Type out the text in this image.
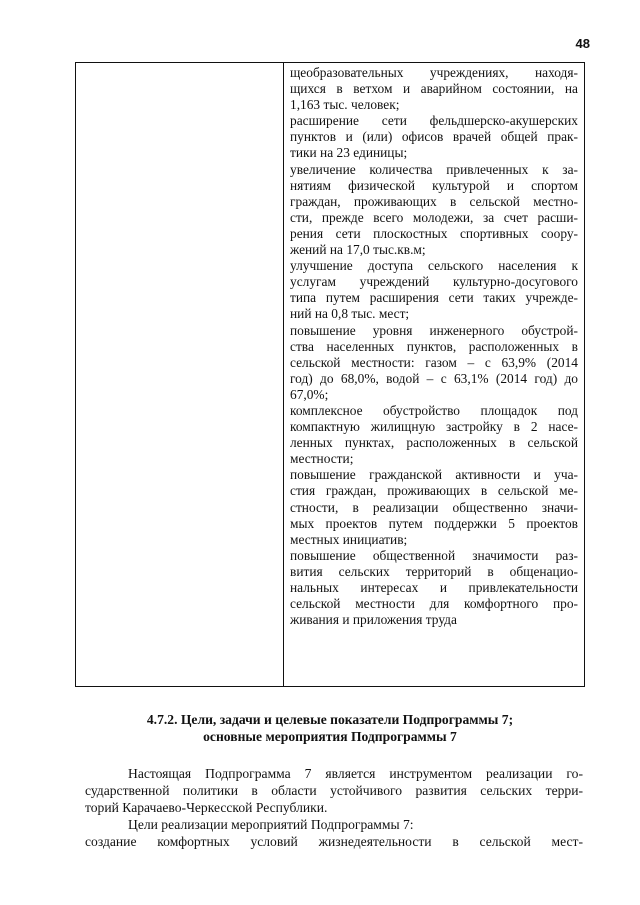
48
щеобразовательных учреждениях, находя-
щихся в ветхом и аварийном состоянии, на
1,163 тыс. человек;
расширение сети фельдшерско-акушерских
пунктов и (или) офисов врачей общей прак-
тики на 23 единицы;
увеличение количества привлеченных к за-
нятиям физической культурой и спортом
граждан, проживающих в сельской местно-
сти, прежде всего молодежи, за счет расши-
рения сети плоскостных спортивных соору-
жений на 17,0 тыс.кв.м;
улучшение доступа сельского населения к
услугам учреждений культурно-досугового
типа путем расширения сети таких учрежде-
ний на 0,8 тыс. мест;
повышение уровня инженерного обустрой-
ства населенных пунктов, расположенных в
сельской местности: газом – с 63,9% (2014
год) до 68,0%, водой – с 63,1% (2014 год) до
67,0%;
комплексное обустройство площадок под
компактную жилищную застройку в 2 насе-
ленных пунктах, расположенных в сельской
местности;
повышение гражданской активности и уча-
стия граждан, проживающих в сельской ме-
стности, в реализации общественно значи-
мых проектов путем поддержки 5 проектов
местных инициатив;
повышение общественной значимости раз-
вития сельских территорий в общенацио-
нальных интересах и привлекательности
сельской местности для комфортного про-
живания и приложения труда
4.7.2. Цели, задачи и целевые показатели Подпрограммы 7;
основные мероприятия Подпрограммы 7
Настоящая Подпрограмма 7 является инструментом реализации го-
сударственной политики в области устойчивого развития сельских терри-
торий Карачаево-Черкесской Республики.
Цели реализации мероприятий Подпрограммы 7:
создание комфортных условий жизнедеятельности в сельской мест-
